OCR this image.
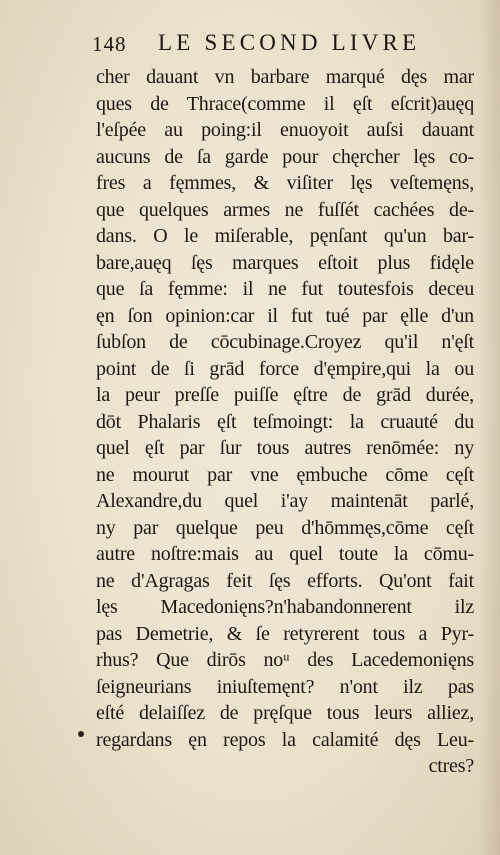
148 LE SECOND LIVRE
cher dauant vn barbare marqué dęs mar
ques de Thrace(comme il ęſt eſcrit)auęq
l'eſpée au poing:il enuoyoit auſsi dauant
aucuns de ſa garde pour chęrcher lęs co-
fres a fęmmes, & viſiter lęs veſtemęns,
que quelques armes ne fuſſét cachées de-
dans. O le miſerable, pęnſant qu'un bar-
bare,auęq ſęs marques eſtoit plus fidęle
que ſa fęmme: il ne fut toutesfois deceu
ęn ſon opinion:car il fut tué par ęlle d'un
ſubſon de cōcubinage.Croyez qu'il n'ęſt
point de ſi grād force d'ęmpire,qui la ou
la peur preſſe puiſſe ęſtre de grād durée,
dōt Phalaris ęſt teſmoingt: la cruauté du
quel ęſt par ſur tous autres renōmée: ny
ne mourut par vne ęmbuche cōme cęſt
Alexandre,du quel i'ay maintenāt parlé,
ny par quelque peu d'hōmmęs,cōme cęſt
autre noſtre:mais au quel toute la cōmu-
ne d'Agragas feit ſęs efforts. Qu'ont fait
lęs Macedonięns?n'habandonnerent ilz
pas Demetrie, & ſe retyrerent tous a Pyr-
rhus? Que dirōs noᵘ des Lacedemonięns
ſeigneurians iniuſtemęnt? n'ont ilz pas
eſté delaiſſez de pręſque tous leurs alliez,
regardans ęn repos la calamité dęs Leu-
ctres?
